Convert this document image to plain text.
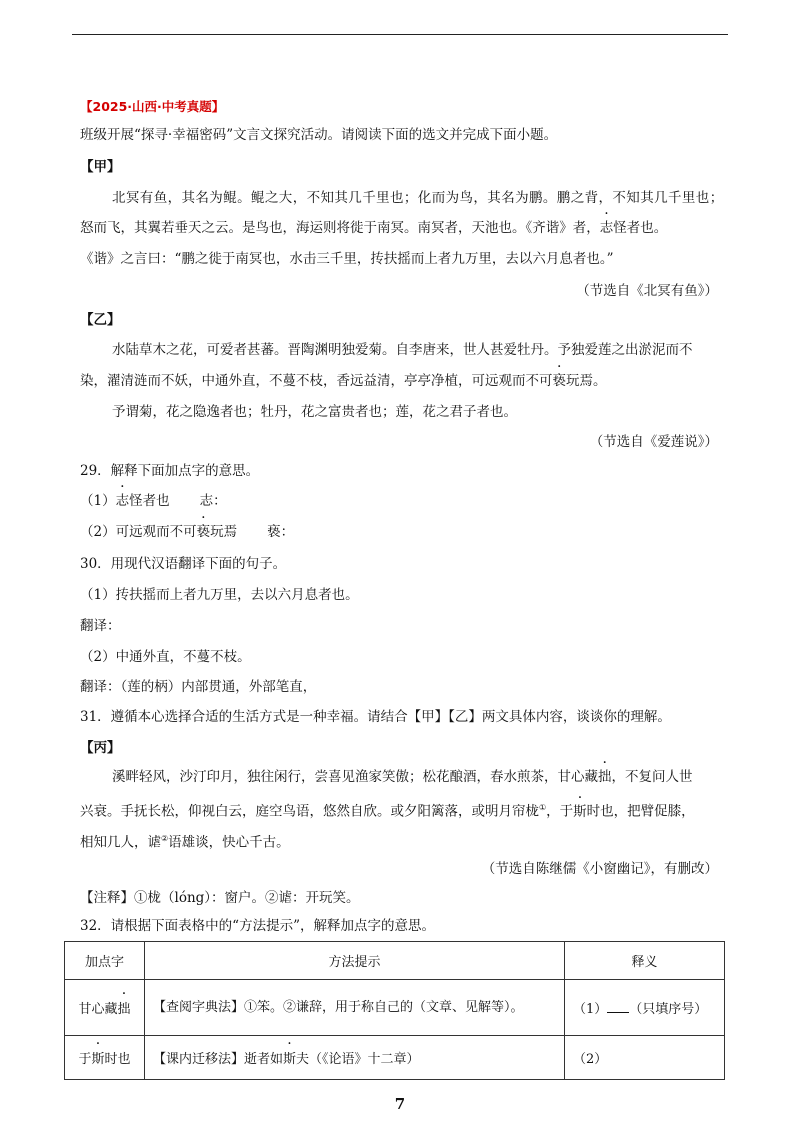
【2025·山西·中考真题】
班级开展“探寻·幸福密码”文言文探究活动。请阅读下面的选文并完成下面小题。
【甲】
北冥有鱼，其名为鲲。鲲之大，不知其几千里也；化而为鸟，其名为鹏。鹏之背，不知其几千里也；
怒而飞，其翼若垂天之云。是鸟也，海运则将徙于南冥。南冥者，天池也。《齐谐》者，志怪者也。
《谐》之言曰：“鹏之徙于南冥也，水击三千里，抟扶摇而上者九万里，去以六月息者也。”
（节选自《北冥有鱼》）
【乙】
水陆草木之花，可爱者甚蕃。晋陶渊明独爱菊。自李唐来，世人甚爱牡丹。予独爱莲之出淤泥而不
染，濯清涟而不妖，中通外直，不蔓不枝，香远益清，亭亭净植，可远观而不可亵玩焉。
予谓菊，花之隐逸者也；牡丹，花之富贵者也；莲，花之君子者也。
（节选自《爱莲说》）
29．解释下面加点字的意思。
（1）志怪者也 志：
（2）可远观而不可亵玩焉 亵：
30．用现代汉语翻译下面的句子。
（1）抟扶摇而上者九万里，去以六月息者也。
翻译：
（2）中通外直，不蔓不枝。
翻译：（莲的柄）内部贯通，外部笔直，
31．遵循本心选择合适的生活方式是一种幸福。请结合【甲】【乙】两文具体内容，谈谈你的理解。
【丙】
溪畔轻风，沙汀印月，独往闲行，尝喜见渔家笑傲；松花酿酒，春水煎茶，甘心藏拙，不复问人世
兴衰。手抚长松，仰视白云，庭空鸟语，悠然自欣。或夕阳篱落，或明月帘栊①，于斯时也，把臂促膝，
相知几人，谑②语雄谈，快心千古。
（节选自陈继儒《小窗幽记》，有删改）
【注释】①栊（lóng）：窗户。②谑：开玩笑。
32．请根据下面表格中的“方法提示”，解释加点字的意思。
加点字	方法提示	释义
甘心藏拙	【查阅字典法】①笨。②谦辞，用于称自己的（文章、见解等）。	（1） （只填序号）
于斯时也	【课内迁移法】逝者如斯夫（《论语》十二章）	（2）
7
